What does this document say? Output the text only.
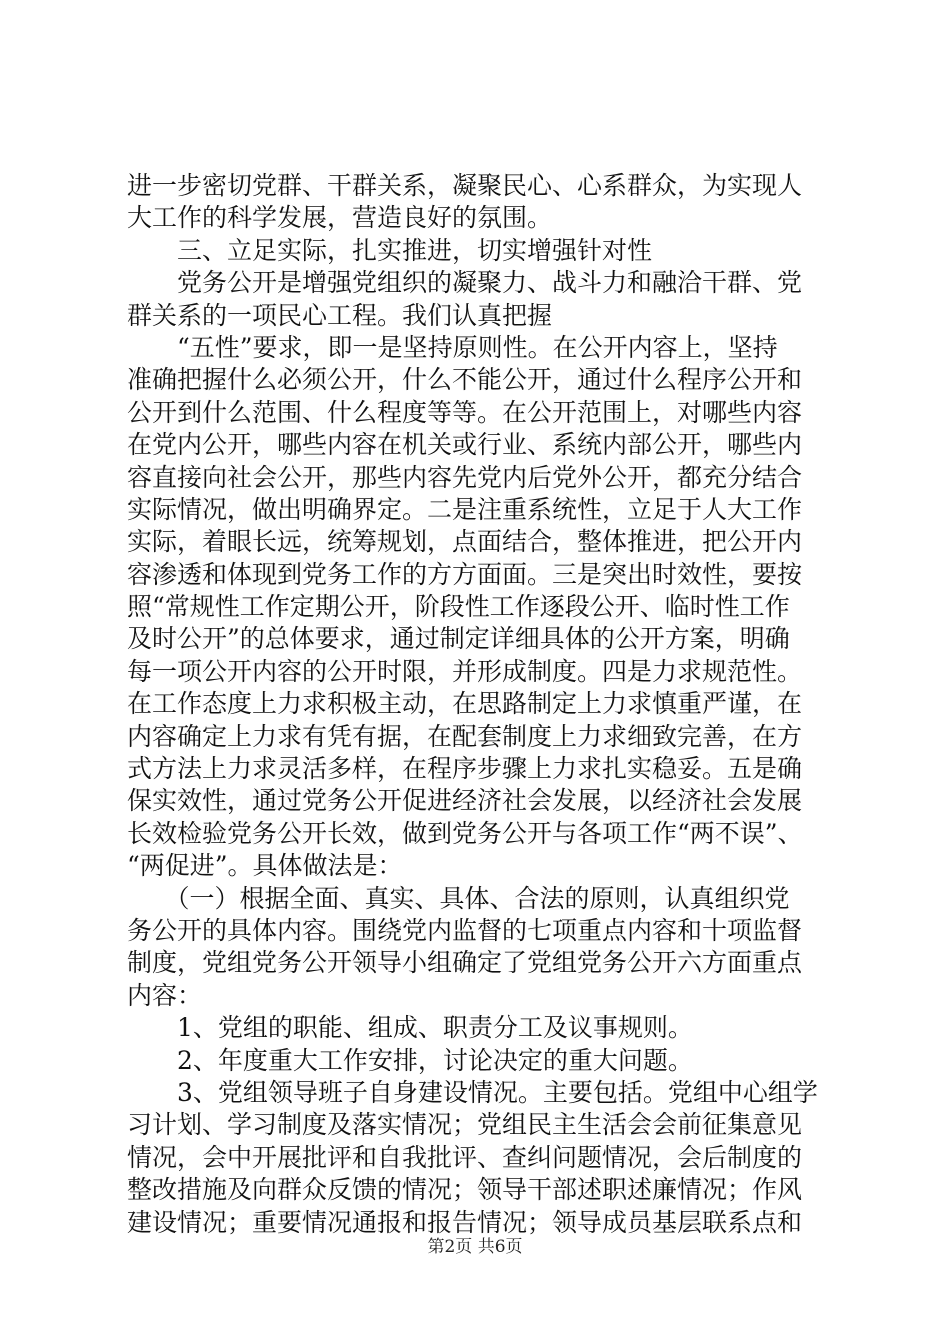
进一步密切党群、干群关系，凝聚民心、心系群众，为实现人
大工作的科学发展，营造良好的氛围。
　　三、立足实际，扎实推进，切实增强针对性
　　党务公开是增强党组织的凝聚力、战斗力和融洽干群、党
群关系的一项民心工程。我们认真把握
　　“五性”要求，即一是坚持原则性。在公开内容上，坚持
准确把握什么必须公开，什么不能公开，通过什么程序公开和
公开到什么范围、什么程度等等。在公开范围上，对哪些内容
在党内公开，哪些内容在机关或行业、系统内部公开，哪些内
容直接向社会公开，那些内容先党内后党外公开，都充分结合
实际情况，做出明确界定。二是注重系统性，立足于人大工作
实际，着眼长远，统筹规划，点面结合，整体推进，把公开内
容渗透和体现到党务工作的方方面面。三是突出时效性，要按
照“常规性工作定期公开，阶段性工作逐段公开、临时性工作
及时公开”的总体要求，通过制定详细具体的公开方案，明确
每一项公开内容的公开时限，并形成制度。四是力求规范性。
在工作态度上力求积极主动，在思路制定上力求慎重严谨，在
内容确定上力求有凭有据，在配套制度上力求细致完善，在方
式方法上力求灵活多样，在程序步骤上力求扎实稳妥。五是确
保实效性，通过党务公开促进经济社会发展，以经济社会发展
长效检验党务公开长效，做到党务公开与各项工作“两不误”、
“两促进”。具体做法是：
　　（一）根据全面、真实、具体、合法的原则，认真组织党
务公开的具体内容。围绕党内监督的七项重点内容和十项监督
制度，党组党务公开领导小组确定了党组党务公开六方面重点
内容：
　　1、党组的职能、组成、职责分工及议事规则。
　　2、年度重大工作安排，讨论决定的重大问题。
　　3、党组领导班子自身建设情况。主要包括。党组中心组学
习计划、学习制度及落实情况；党组民主生活会会前征集意见
情况，会中开展批评和自我批评、查纠问题情况，会后制度的
整改措施及向群众反馈的情况；领导干部述职述廉情况；作风
建设情况；重要情况通报和报告情况；领导成员基层联系点和
第2页 共6页
